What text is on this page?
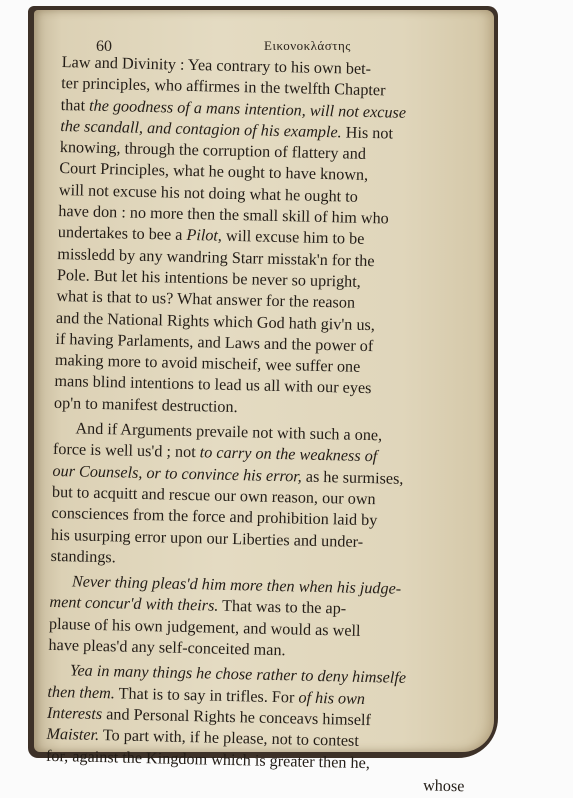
60	Eικονοκλάστης
Law and Divinity : Yea contrary to his own bet-
ter principles, who affirmes in the twelfth Chapter
that the goodness of a mans intention, will not excuse
the scandall, and contagion of his example. His not
knowing, through the corruption of flattery and
Court Principles, what he ought to have known,
will not excuse his not doing what he ought to
have don : no more then the small skill of him who
undertakes to bee a Pilot, will excuse him to be
missledd by any wandring Starr misstak'n for the
Pole. But let his intentions be never so upright,
what is that to us? What answer for the reason
and the National Rights which God hath giv'n us,
if having Parlaments, and Laws and the power of
making more to avoid mischeif, wee suffer one
mans blind intentions to lead us all with our eyes
op'n to manifest destruction.
And if Arguments prevaile not with such a one,
force is well us'd ; not to carry on the weakness of
our Counsels, or to convince his error, as he surmises,
but to acquitt and rescue our own reason, our own
consciences from the force and prohibition laid by
his usurping error upon our Liberties and under-
standings.
Never thing pleas'd him more then when his judge-
ment concur'd with theirs. That was to the ap-
plause of his own judgement, and would as well
have pleas'd any self-conceited man.
Yea in many things he chose rather to deny himselfe
then them. That is to say in trifles. For of his own
Interests and Personal Rights he conceavs himself
Maister. To part with, if he please, not to contest
for, against the Kingdom which is greater then he,
whose
